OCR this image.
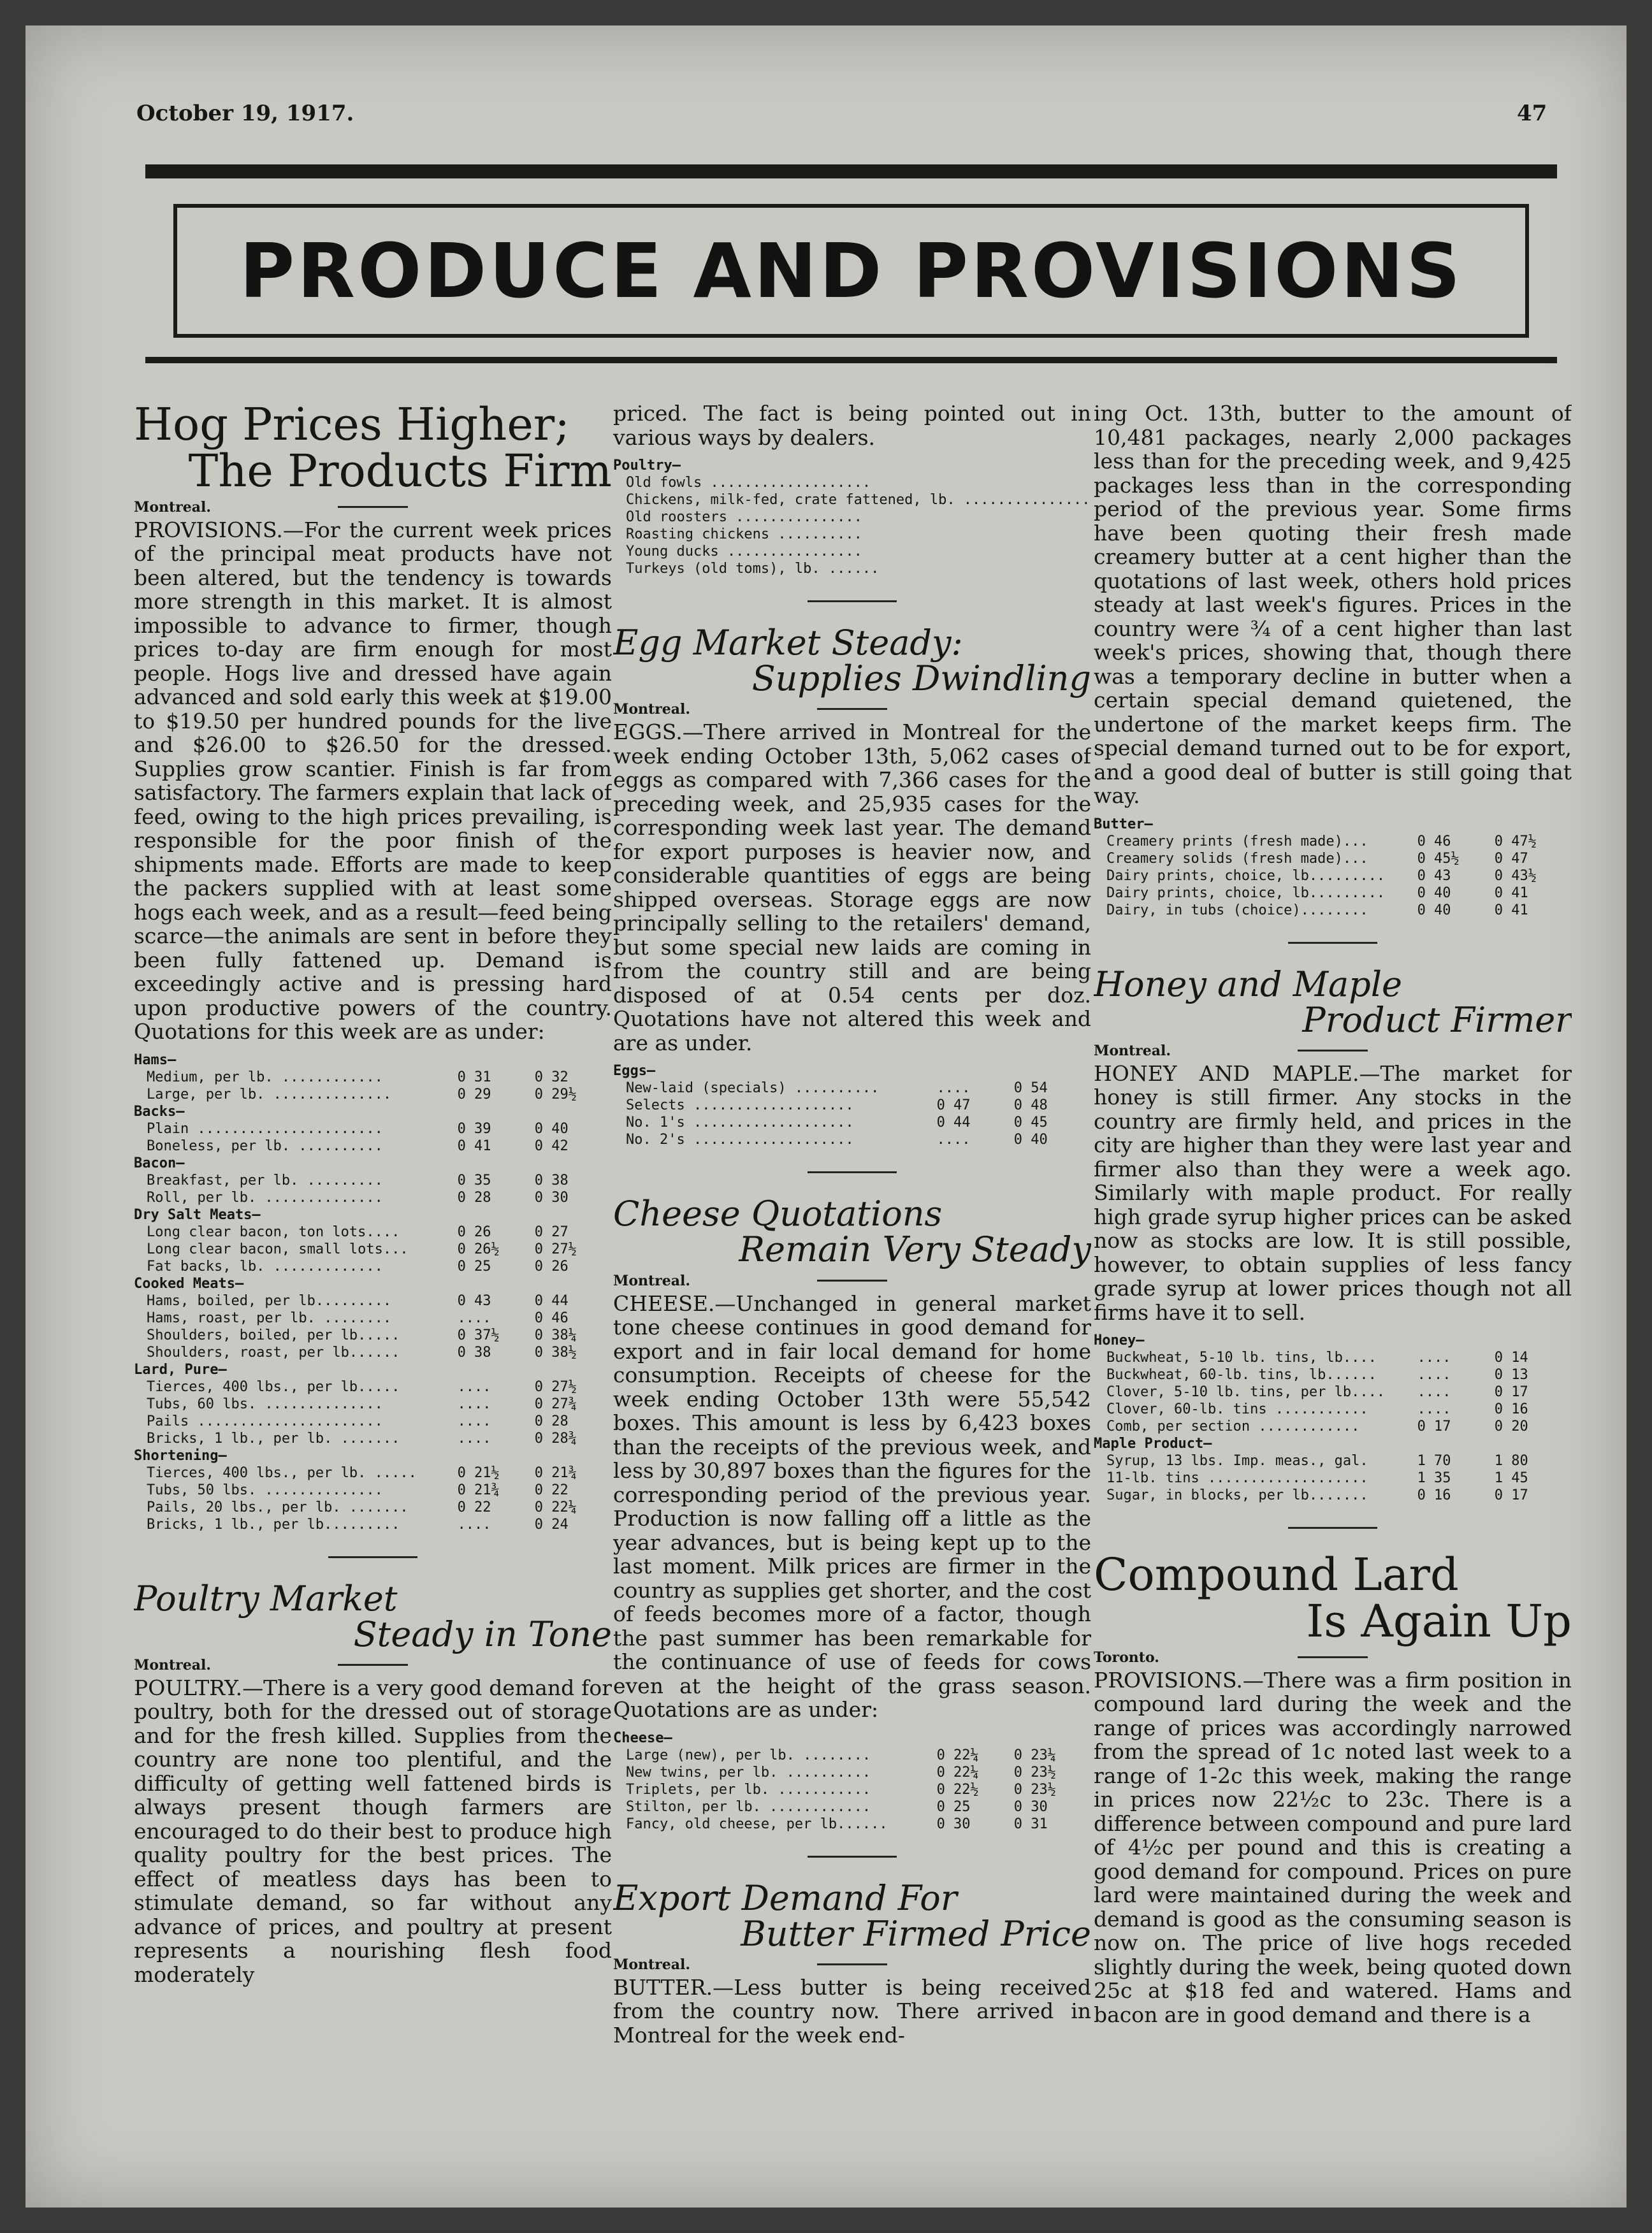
October 19, 1917.	47
PRODUCE AND PROVISIONS
Hog Prices Higher;
The Products Firm
Montreal.

PROVISIONS.—For the current week prices of the principal meat products have not been altered, but the tendency is towards more strength in this market. It is almost impossible to advance to firmer, though prices to-day are firm enough for most people. Hogs live and dressed have again advanced and sold early this week at $19.00 to $19.50 per hundred pounds for the live and $26.00 to $26.50 for the dressed. Supplies grow scantier. Finish is far from satisfactory. The farmers explain that lack of feed, owing to the high prices prevailing, is responsible for the poor finish of the shipments made. Efforts are made to keep the packers supplied with at least some hogs each week, and as a result—feed being scarce—the animals are sent in before they been fully fattened up. Demand is exceedingly active and is pressing hard upon productive powers of the country. Quotations for this week are as under:

Hams—		
Medium, per lb. ............	0 31	0 32
Large, per lb. ..............	0 29	0 29½
Backs—		
Plain ......................	0 39	0 40
Boneless, per lb. ..........	0 41	0 42
Bacon—		
Breakfast, per lb. .........	0 35	0 38
Roll, per lb. ..............	0 28	0 30
Dry Salt Meats—		
Long clear bacon, ton lots....	0 26	0 27
Long clear bacon, small lots...	0 26½	0 27½
Fat backs, lb. .............	0 25	0 26
Cooked Meats—		
Hams, boiled, per lb.........	0 43	0 44
Hams, roast, per lb. ........	....	0 46
Shoulders, boiled, per lb.....	0 37½	0 38¼
Shoulders, roast, per lb......	0 38	0 38½
Lard, Pure—		
Tierces, 400 lbs., per lb.....	....	0 27½
Tubs, 60 lbs. ..............	....	0 27¾
Pails ......................	....	0 28
Bricks, 1 lb., per lb. .......	....	0 28¾
Shortening—		
Tierces, 400 lbs., per lb. .....	0 21½	0 21¾
Tubs, 50 lbs. ..............	0 21¾	0 22
Pails, 20 lbs., per lb. .......	0 22	0 22¼
Bricks, 1 lb., per lb.........	....	0 24
Poultry Market
Steady in Tone
Montreal.

POULTRY.—There is a very good demand for poultry, both for the dressed out of storage and for the fresh killed. Supplies from the country are none too plentiful, and the difficulty of getting well fattened birds is always present though farmers are encouraged to do their best to produce high quality poultry for the best prices. The effect of meatless days has been to stimulate demand, so far without any advance of prices, and poultry at present represents a nourishing flesh food moderately

priced. The fact is being pointed out in various ways by dealers.

Poultry—		
Old fowls ...................		
Chickens, milk-fed, crate fattened, lb. ...............		
Old roosters ...............		
Roasting chickens ..........		
Young ducks ................		
Turkeys (old toms), lb. ......		
Egg Market Steady:
Supplies Dwindling
Montreal.

EGGS.—There arrived in Montreal for the week ending October 13th, 5,062 cases of eggs as compared with 7,366 cases for the preceding week, and 25,935 cases for the corresponding week last year. The demand for export purposes is heavier now, and considerable quantities of eggs are being shipped overseas. Storage eggs are now principally selling to the retailers' demand, but some special new laids are coming in from the country still and are being disposed of at 0.54 cents per doz. Quotations have not altered this week and are as under.

Eggs—		
New-laid (specials) ..........	....	0 54
Selects ...................	0 47	0 48
No. 1's ...................	0 44	0 45
No. 2's ...................	....	0 40
Cheese Quotations
Remain Very Steady
Montreal.

CHEESE.—Unchanged in general market tone cheese continues in good demand for export and in fair local demand for home consumption. Receipts of cheese for the week ending October 13th were 55,542 boxes. This amount is less by 6,423 boxes than the receipts of the previous week, and less by 30,897 boxes than the figures for the corresponding period of the previous year. Production is now falling off a little as the year advances, but is being kept up to the last moment. Milk prices are firmer in the country as supplies get shorter, and the cost of feeds becomes more of a factor, though the past summer has been remarkable for the continuance of use of feeds for cows even at the height of the grass season. Quotations are as under:

Cheese—		
Large (new), per lb. ........	0 22¼	0 23¼
New twins, per lb. ..........	0 22¼	0 23½
Triplets, per lb. ...........	0 22½	0 23½
Stilton, per lb. ............	0 25	0 30
Fancy, old cheese, per lb......	0 30	0 31
Export Demand For
Butter Firmed Price
Montreal.

BUTTER.—Less butter is being received from the country now. There arrived in Montreal for the week end-

ing Oct. 13th, butter to the amount of 10,481 packages, nearly 2,000 packages less than for the preceding week, and 9,425 packages less than in the corresponding period of the previous year. Some firms have been quoting their fresh made creamery butter at a cent higher than the quotations of last week, others hold prices steady at last week's figures. Prices in the country were ¾ of a cent higher than last week's prices, showing that, though there was a temporary decline in butter when a certain special demand quietened, the undertone of the market keeps firm. The special demand turned out to be for export, and a good deal of butter is still going that way.

Butter—		
Creamery prints (fresh made)...	0 46	0 47½
Creamery solids (fresh made)...	0 45½	0 47
Dairy prints, choice, lb.........	0 43	0 43½
Dairy prints, choice, lb.........	0 40	0 41
Dairy, in tubs (choice)........	0 40	0 41
Honey and Maple
Product Firmer
Montreal.

HONEY AND MAPLE.—The market for honey is still firmer. Any stocks in the country are firmly held, and prices in the city are higher than they were last year and firmer also than they were a week ago. Similarly with maple product. For really high grade syrup higher prices can be asked now as stocks are low. It is still possible, however, to obtain supplies of less fancy grade syrup at lower prices though not all firms have it to sell.

Honey—		
Buckwheat, 5-10 lb. tins, lb....	....	0 14
Buckwheat, 60-lb. tins, lb......	....	0 13
Clover, 5-10 lb. tins, per lb....	....	0 17
Clover, 60-lb. tins ...........	....	0 16
Comb, per section ............	0 17	0 20
Maple Product—		
Syrup, 13 lbs. Imp. meas., gal.	1 70	1 80
11-lb. tins ...................	1 35	1 45
Sugar, in blocks, per lb.......	0 16	0 17
Compound Lard
Is Again Up
Toronto.

PROVISIONS.—There was a firm position in compound lard during the week and the range of prices was accordingly narrowed from the spread of 1c noted last week to a range of 1-2c this week, making the range in prices now 22½c to 23c. There is a difference between compound and pure lard of 4½c per pound and this is creating a good demand for compound. Prices on pure lard were maintained during the week and demand is good as the consuming season is now on. The price of live hogs receded slightly during the week, being quoted down 25c at $18 fed and watered. Hams and bacon are in good demand and there is a
